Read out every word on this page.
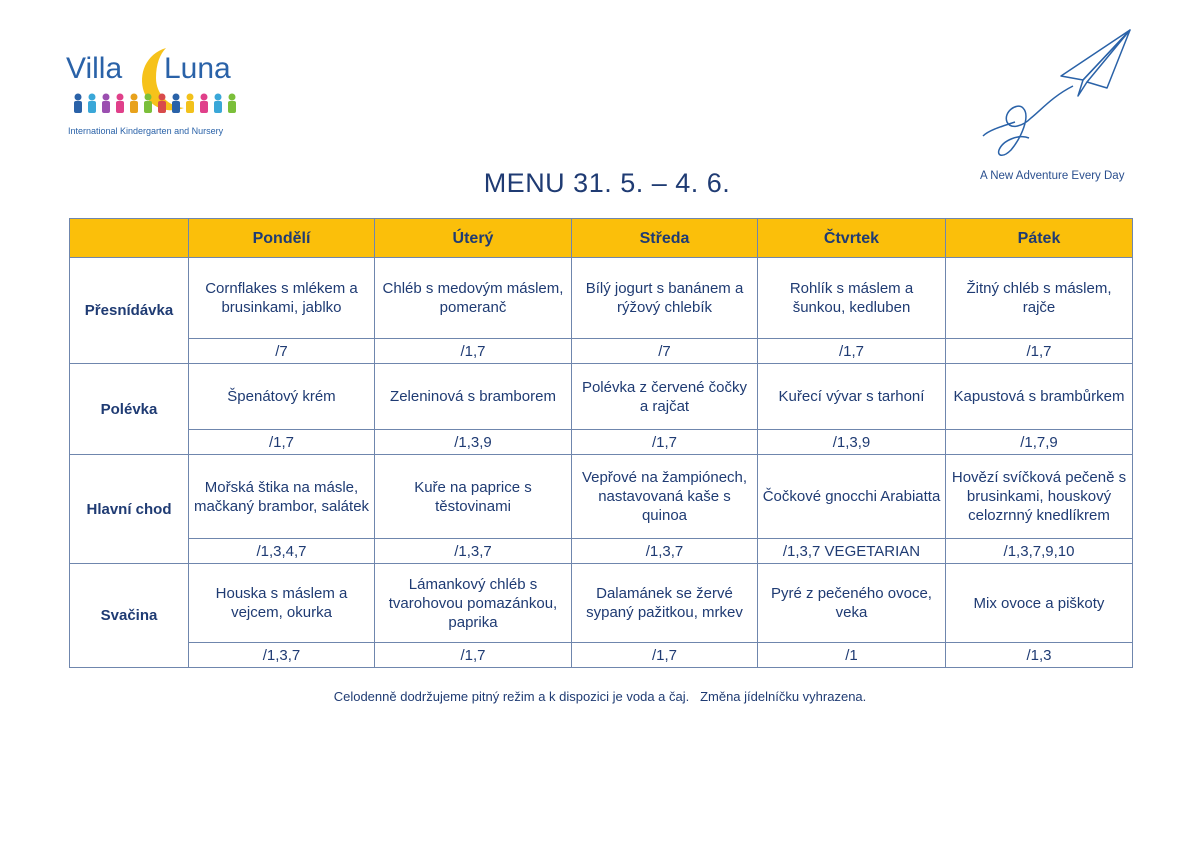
Villa Luna
International Kindergarten and Nursery
A New Adventure Every Day
MENU 31. 5. – 4. 6.
	Pondělí	Úterý	Středa	Čtvrtek	Pátek
Přesnídávka	Cornflakes s mlékem a brusinkami, jablko	Chléb s medovým máslem, pomeranč	Bílý jogurt s banánem a rýžový chlebík	Rohlík s máslem a šunkou, kedluben	Žitný chléb s máslem, rajče
	/7	/1,7	/7	/1,7	/1,7
Polévka	Špenátový krém	Zeleninová s bramborem	Polévka z červené čočky a rajčat	Kuřecí vývar s tarhoní	Kapustová s brambůrkem
	/1,7	/1,3,9	/1,7	/1,3,9	/1,7,9
Hlavní chod	Mořská štika na másle, mačkaný brambor, salátek	Kuře na paprice s těstovinami	Vepřové na žampiónech, nastavovaná kaše s quinoa	Čočkové gnocchi Arabiatta	Hovězí svíčková pečeně s brusinkami, houskový celozrnný knedlíkrem
	/1,3,4,7	/1,3,7	/1,3,7	/1,3,7 VEGETARIAN	/1,3,7,9,10
Svačina	Houska s máslem a vejcem, okurka	Lámankový chléb s tvarohovou pomazánkou, paprika	Dalamánek se žervé sypaný pažitkou, mrkev	Pyré z pečeného ovoce, veka	Mix ovoce a piškoty
	/1,3,7	/1,7	/1,7	/1	/1,3
Celodenně dodržujeme pitný režim a k dispozici je voda a čaj.   Změna jídelníčku vyhrazena.
